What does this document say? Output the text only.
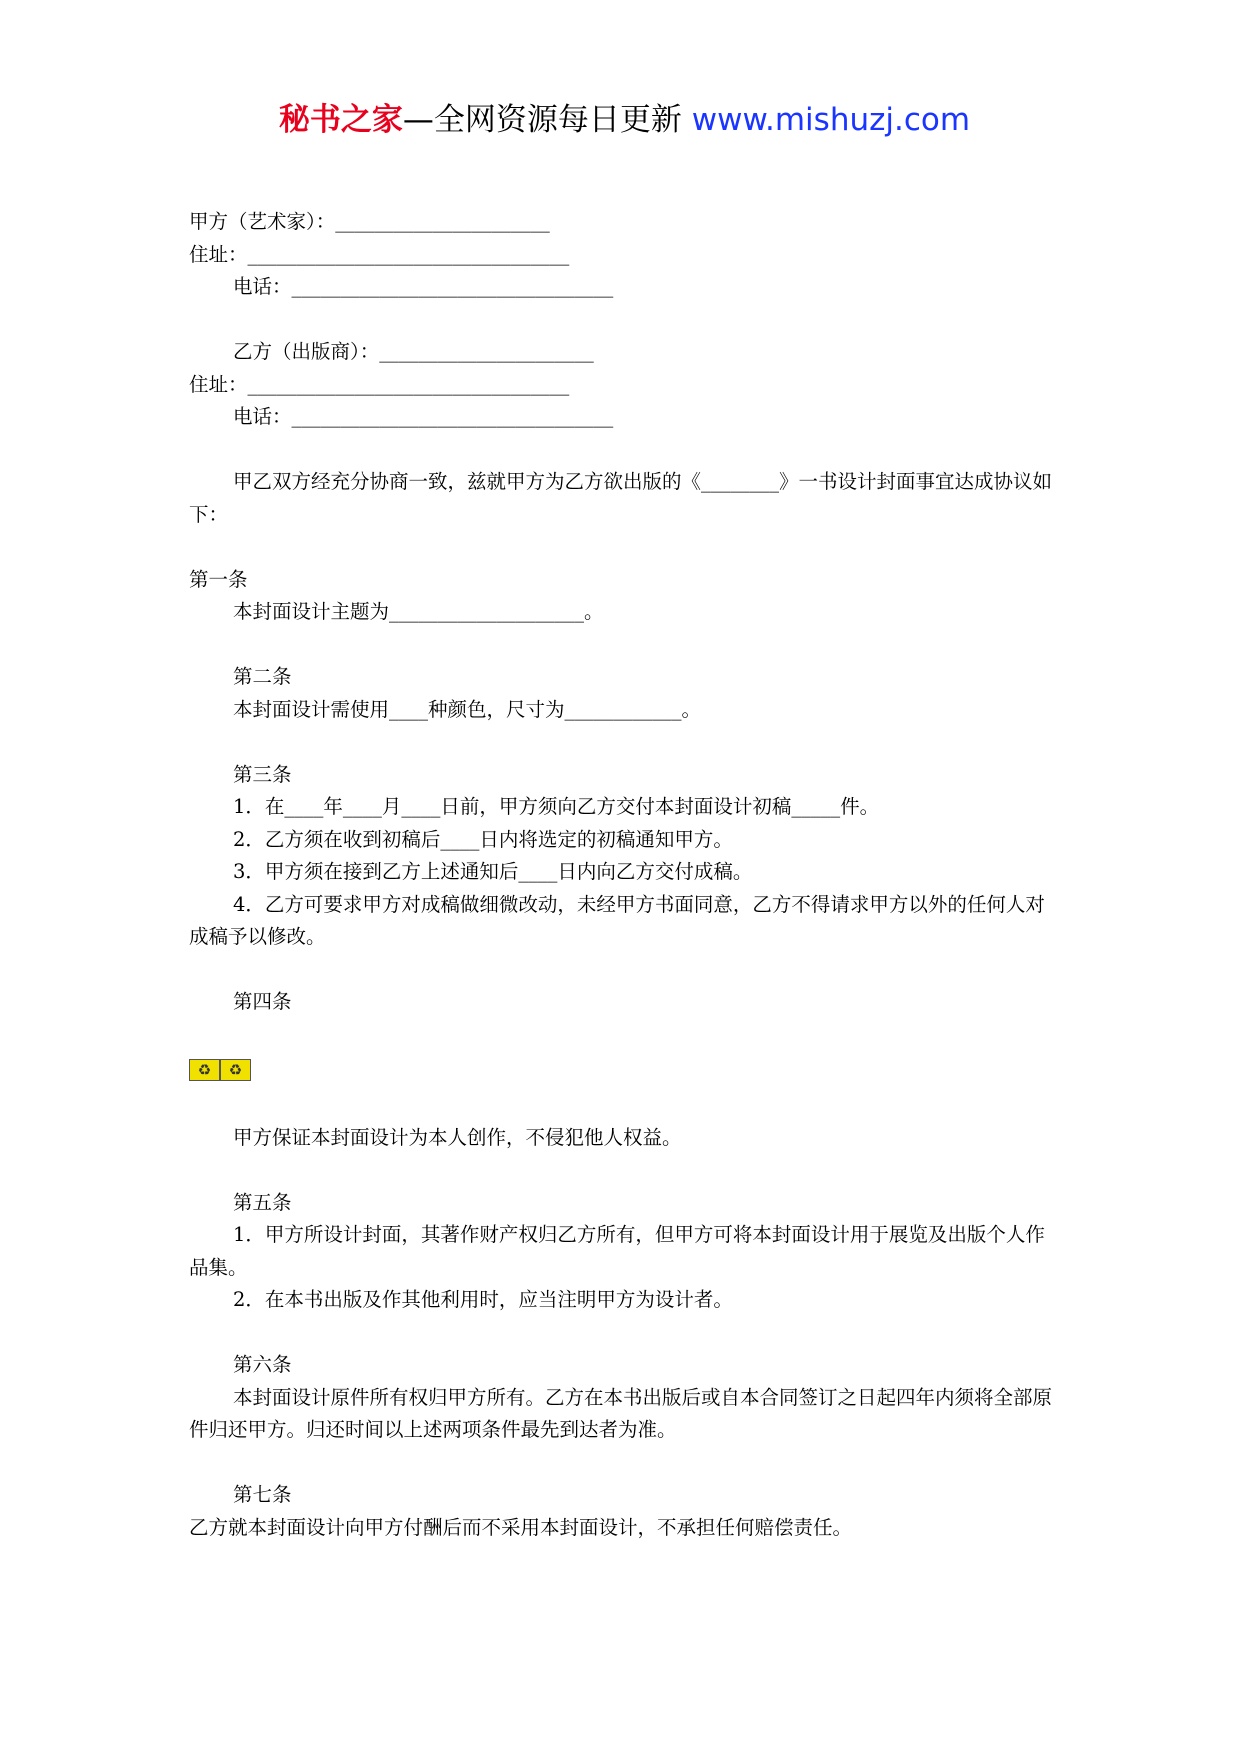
秘书之家—全网资源每日更新 www.mishuzj.com
甲方（艺术家）：______________________
住址：_________________________________
电话：_________________________________
乙方（出版商）：______________________
住址：_________________________________
电话：_________________________________
甲乙双方经充分协商一致，兹就甲方为乙方欲出版的《________》一书设计封面事宜达成协议如下：
第一条
本封面设计主题为____________________。
第二条
本封面设计需使用____种颜色，尺寸为____________。
第三条
1．在____年____月____日前，甲方须向乙方交付本封面设计初稿_____件。
2．乙方须在收到初稿后____日内将选定的初稿通知甲方。
3．甲方须在接到乙方上述通知后____日内向乙方交付成稿。
4．乙方可要求甲方对成稿做细微改动，未经甲方书面同意，乙方不得请求甲方以外的任何人对成稿予以修改。
第四条
♻	♻
甲方保证本封面设计为本人创作，不侵犯他人权益。
第五条
1．甲方所设计封面，其著作财产权归乙方所有，但甲方可将本封面设计用于展览及出版个人作品集。
2．在本书出版及作其他利用时，应当注明甲方为设计者。
第六条
本封面设计原件所有权归甲方所有。乙方在本书出版后或自本合同签订之日起四年内须将全部原件归还甲方。归还时间以上述两项条件最先到达者为准。
第七条
乙方就本封面设计向甲方付酬后而不采用本封面设计，不承担任何赔偿责任。
